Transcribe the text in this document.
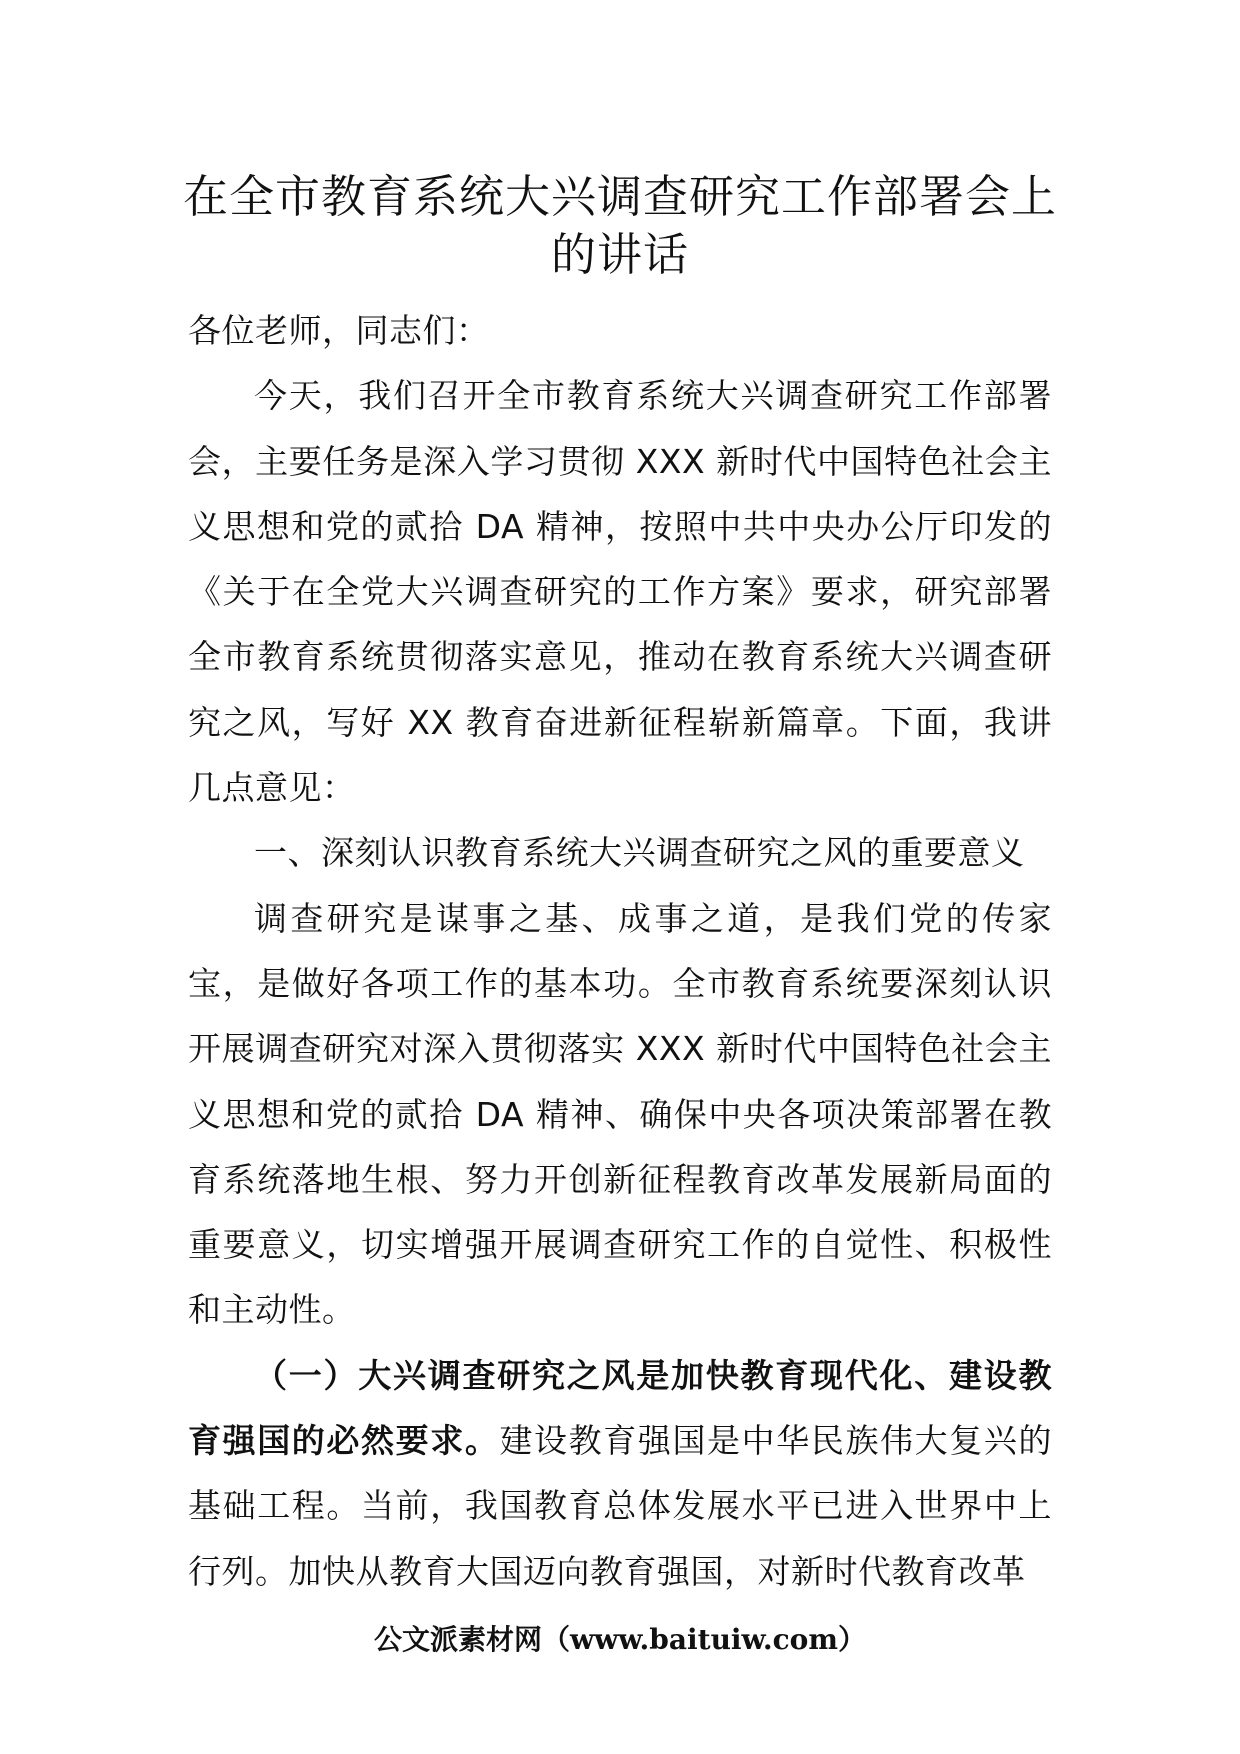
在全市教育系统大兴调查研究工作部署会上的讲话

各位老师，同志们：

今天，我们召开全市教育系统大兴调查研究工作部署会，主要任务是深入学习贯彻 XXX 新时代中国特色社会主义思想和党的贰拾 DA 精神，按照中共中央办公厅印发的《关于在全党大兴调查研究的工作方案》要求，研究部署全市教育系统贯彻落实意见，推动在教育系统大兴调查研究之风，写好 XX 教育奋进新征程崭新篇章。下面，我讲几点意见：

一、深刻认识教育系统大兴调查研究之风的重要意义

调查研究是谋事之基、成事之道，是我们党的传家宝，是做好各项工作的基本功。全市教育系统要深刻认识开展调查研究对深入贯彻落实 XXX 新时代中国特色社会主义思想和党的贰拾 DA 精神、确保中央各项决策部署在教育系统落地生根、努力开创新征程教育改革发展新局面的重要意义，切实增强开展调查研究工作的自觉性、积极性和主动性。

（一）大兴调查研究之风是加快教育现代化、建设教育强国的必然要求。建设教育强国是中华民族伟大复兴的基础工程。当前，我国教育总体发展水平已进入世界中上行列。加快从教育大国迈向教育强国，对新时代教育改革

公文派素材网（www.baituiw.com）
